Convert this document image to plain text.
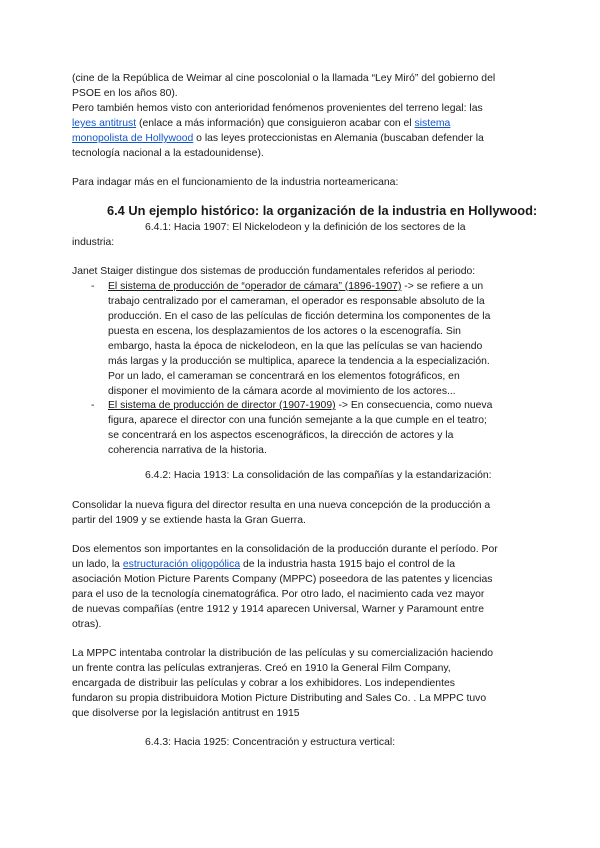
(cine de la República de Weimar al cine poscolonial o la llamada “Ley Miró” del gobierno del
PSOE en los años 80).
Pero también hemos visto con anterioridad fenómenos provenientes del terreno legal: las
leyes antitrust (enlace a más información) que consiguieron acabar con el sistema
monopolista de Hollywood o las leyes proteccionistas en Alemania (buscaban defender la
tecnología nacional a la estadounidense).
Para indagar más en el funcionamiento de la industria norteamericana:
6.4 Un ejemplo histórico: la organización de la industria en Hollywood:
6.4.1: Hacia 1907: El Nickelodeon y la definición de los sectores de la
industria:
Janet Staiger distingue dos sistemas de producción fundamentales referidos al periodo:
- El sistema de producción de “operador de cámara” (1896-1907) -> se refiere a un
trabajo centralizado por el cameraman, el operador es responsable absoluto de la
producción. En el caso de las películas de ficción determina los componentes de la
puesta en escena, los desplazamientos de los actores o la escenografía. Sin
embargo, hasta la época de nickelodeon, en la que las películas se van haciendo
más largas y la producción se multiplica, aparece la tendencia a la especialización.
Por un lado, el cameraman se concentrará en los elementos fotográficos, en
disponer el movimiento de la cámara acorde al movimiento de los actores...
- El sistema de producción de director (1907-1909) -> En consecuencia, como nueva
figura, aparece el director con una función semejante a la que cumple en el teatro;
se concentrará en los aspectos escenográficos, la dirección de actores y la
coherencia narrativa de la historia.
6.4.2: Hacia 1913: La consolidación de las compañías y la estandarización:
Consolidar la nueva figura del director resulta en una nueva concepción de la producción a
partir del 1909 y se extiende hasta la Gran Guerra.
Dos elementos son importantes en la consolidación de la producción durante el período. Por
un lado, la estructuración oligopólica de la industria hasta 1915 bajo el control de la
asociación Motion Picture Parents Company (MPPC) poseedora de las patentes y licencias
para el uso de la tecnología cinematográfica. Por otro lado, el nacimiento cada vez mayor
de nuevas compañías (entre 1912 y 1914 aparecen Universal, Warner y Paramount entre
otras).
La MPPC intentaba controlar la distribución de las películas y su comercialización haciendo
un frente contra las películas extranjeras. Creó en 1910 la General Film Company,
encargada de distribuir las películas y cobrar a los exhibidores. Los independientes
fundaron su propia distribuidora Motion Picture Distributing and Sales Co. . La MPPC tuvo
que disolverse por la legislación antitrust en 1915
6.4.3: Hacia 1925: Concentración y estructura vertical:
